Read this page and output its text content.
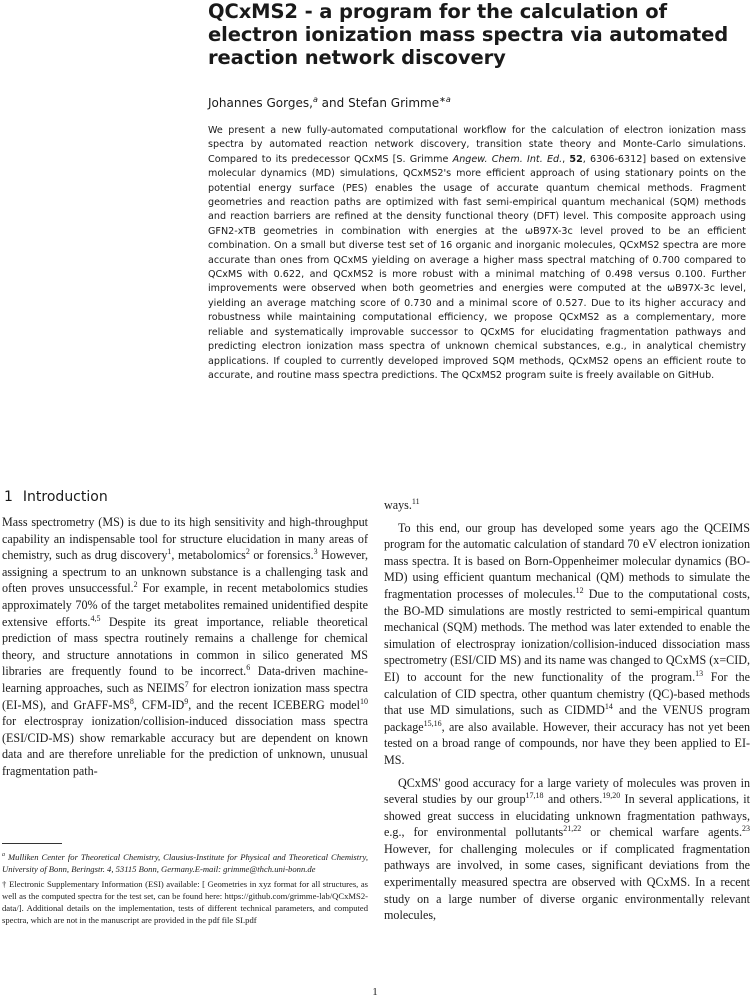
QCxMS2 - a program for the calculation of electron ionization mass spectra via automated reaction network discovery
Johannes Gorges,$^a$ and Stefan Grimme$^{∗a}$

We present a new fully-automated computational workflow for the calculation of electron ionization mass spectra by automated reaction network discovery, transition state theory and Monte-Carlo simulations. Compared to its predecessor QCxMS [S. Grimme Angew. Chem. Int. Ed., 52, 6306-6312] based on extensive molecular dynamics (MD) simulations, QCxMS2's more efficient approach of using stationary points on the potential energy surface (PES) enables the usage of accurate quantum chemical methods. Fragment geometries and reaction paths are optimized with fast semi-empirical quantum mechanical (SQM) methods and reaction barriers are refined at the density functional theory (DFT) level. This composite approach using GFN2-xTB geometries in combination with energies at the ωB97X-3c level proved to be an efficient combination. On a small but diverse test set of 16 organic and inorganic molecules, QCxMS2 spectra are more accurate than ones from QCxMS yielding on average a higher mass spectral matching of 0.700 compared to QCxMS with 0.622, and QCxMS2 is more robust with a minimal matching of 0.498 versus 0.100. Further improvements were observed when both geometries and energies were computed at the ωB97X-3c level, yielding an average matching score of 0.730 and a minimal score of 0.527. Due to its higher accuracy and robustness while maintaining computational efficiency, we propose QCxMS2 as a complementary, more reliable and systematically improvable successor to QCxMS for elucidating fragmentation pathways and predicting electron ionization mass spectra of unknown chemical substances, e.g., in analytical chemistry applications. If coupled to currently developed improved SQM methods, QCxMS2 opens an efficient route to accurate, and routine mass spectra predictions. The QCxMS2 program suite is freely available on GitHub.

1 Introduction

Mass spectrometry (MS) is due to its high sensitivity and high-throughput capability an indispensable tool for structure elucidation in many areas of chemistry, such as drug discovery$^1$, metabolomics$^2$ or forensics.$^3$ However, assigning a spectrum to an unknown substance is a challenging task and often proves unsuccessful.$^2$ For example, in recent metabolomics studies approximately 70% of the target metabolites remained unidentified despite extensive efforts.$^{4,5}$ Despite its great importance, reliable theoretical prediction of mass spectra routinely remains a challenge for chemical theory, and structure annotations in common in silico generated MS libraries are frequently found to be incorrect.$^6$ Data-driven machine-learning approaches, such as NEIMS$^7$ for electron ionization mass spectra (EI-MS), and GrAFF-$MS^8$, CFM-$ID^9$, and the recent ICEBERG model$^{10}$ for electrospray ionization/collision-induced dissociation mass spectra (ESI/CID-MS) show remarkable accuracy but are dependent on known data and are therefore unreliable for the prediction of unknown, unusual fragmentation path-

ways.$^{11}$

To this end, our group has developed some years ago the QCEIMS program for the automatic calculation of standard 70 eV electron ionization mass spectra. It is based on Born-Oppenheimer molecular dynamics (BO-MD) using efficient quantum mechanical (QM) methods to simulate the fragmentation processes of molecules.$^{12}$ Due to the computational costs, the BO-MD simulations are mostly restricted to semi-empirical quantum mechanical (SQM) methods. The method was later extended to enable the simulation of electrospray ionization/collision-induced dissociation mass spectrometry (ESI/CID MS) and its name was changed to QCxMS (x=CID, EI) to account for the new functionality of the program.$^{13}$ For the calculation of CID spectra, other quantum chemistry (QC)-based methods that use MD simulations, such as CIDMD$^{14}$ and the VENUS program package$^{15,16}$, are also available. However, their accuracy has not yet been tested on a broad range of compounds, nor have they been applied to EI-MS.

QCxMS' good accuracy for a large variety of molecules was proven in several studies by our group$^{17,18}$ and others.$^{19,20}$ In several applications, it showed great success in elucidating unknown fragmentation pathways, e.g., for environmental pollutants$^{21,22}$ or chemical warfare agents.$^{23}$ However, for challenging molecules or if complicated fragmentation pathways are involved, in some cases, significant deviations from the experimentally measured spectra are observed with QCxMS. In a recent study on a large number of diverse organic environmentally relevant molecules,

$^a$ Mulliken Center for Theoretical Chemistry, Clausius-Institute for Physical and Theoretical Chemistry, University of Bonn, Beringstr. 4, 53115 Bonn, Germany.E-mail: grimme@thch.uni-bonn.de

† Electronic Supplementary Information (ESI) available: [ Geometries in xyz format for all structures, as well as the computed spectra for the test set, can be found here: https://github.com/grimme-lab/QCxMS2-data/]. Additional details on the implementation, tests of different technical parameters, and computed spectra, which are not in the manuscript are provided in the pdf file SI.pdf

1
